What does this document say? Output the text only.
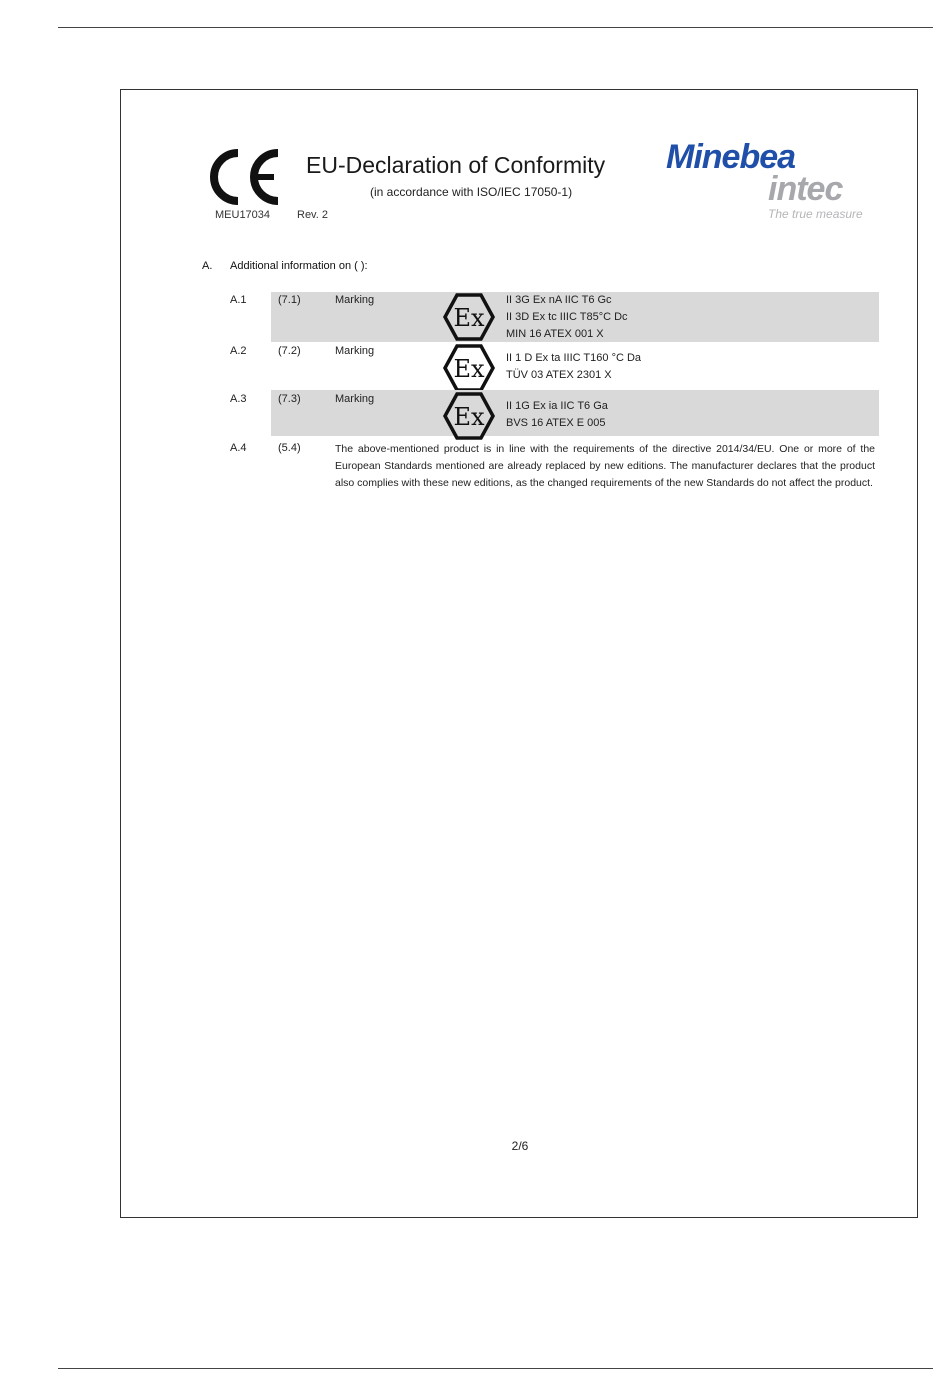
EU-Declaration of Conformity
(in accordance with ISO/IEC 17050-1)
MEU17034 Rev. 2
Minebea
intec
The true measure
A. Additional information on ( ):
A.1	(7.1)	Marking
Ex
II 3G Ex nA IIC T6 Gc
II 3D Ex tc IIIC T85°C Dc
MIN 16 ATEX 001 X
A.2	(7.2)	Marking
Ex II 1 D Ex ta IIIC T160 °C Da
TÜV 03 ATEX 2301 X
A.3	(7.3)	Marking
Ex II 1G Ex ia IIC T6 Ga
BVS 16 ATEX E 005
A.4	(5.4)	The above-mentioned product is in line with the requirements of the directive 2014/34/EU. One or more of the European Standards mentioned are already replaced by new editions. The manufacturer declares that the product also complies with these new editions, as the changed requirements of the new Standards do not affect the product.
2/6
